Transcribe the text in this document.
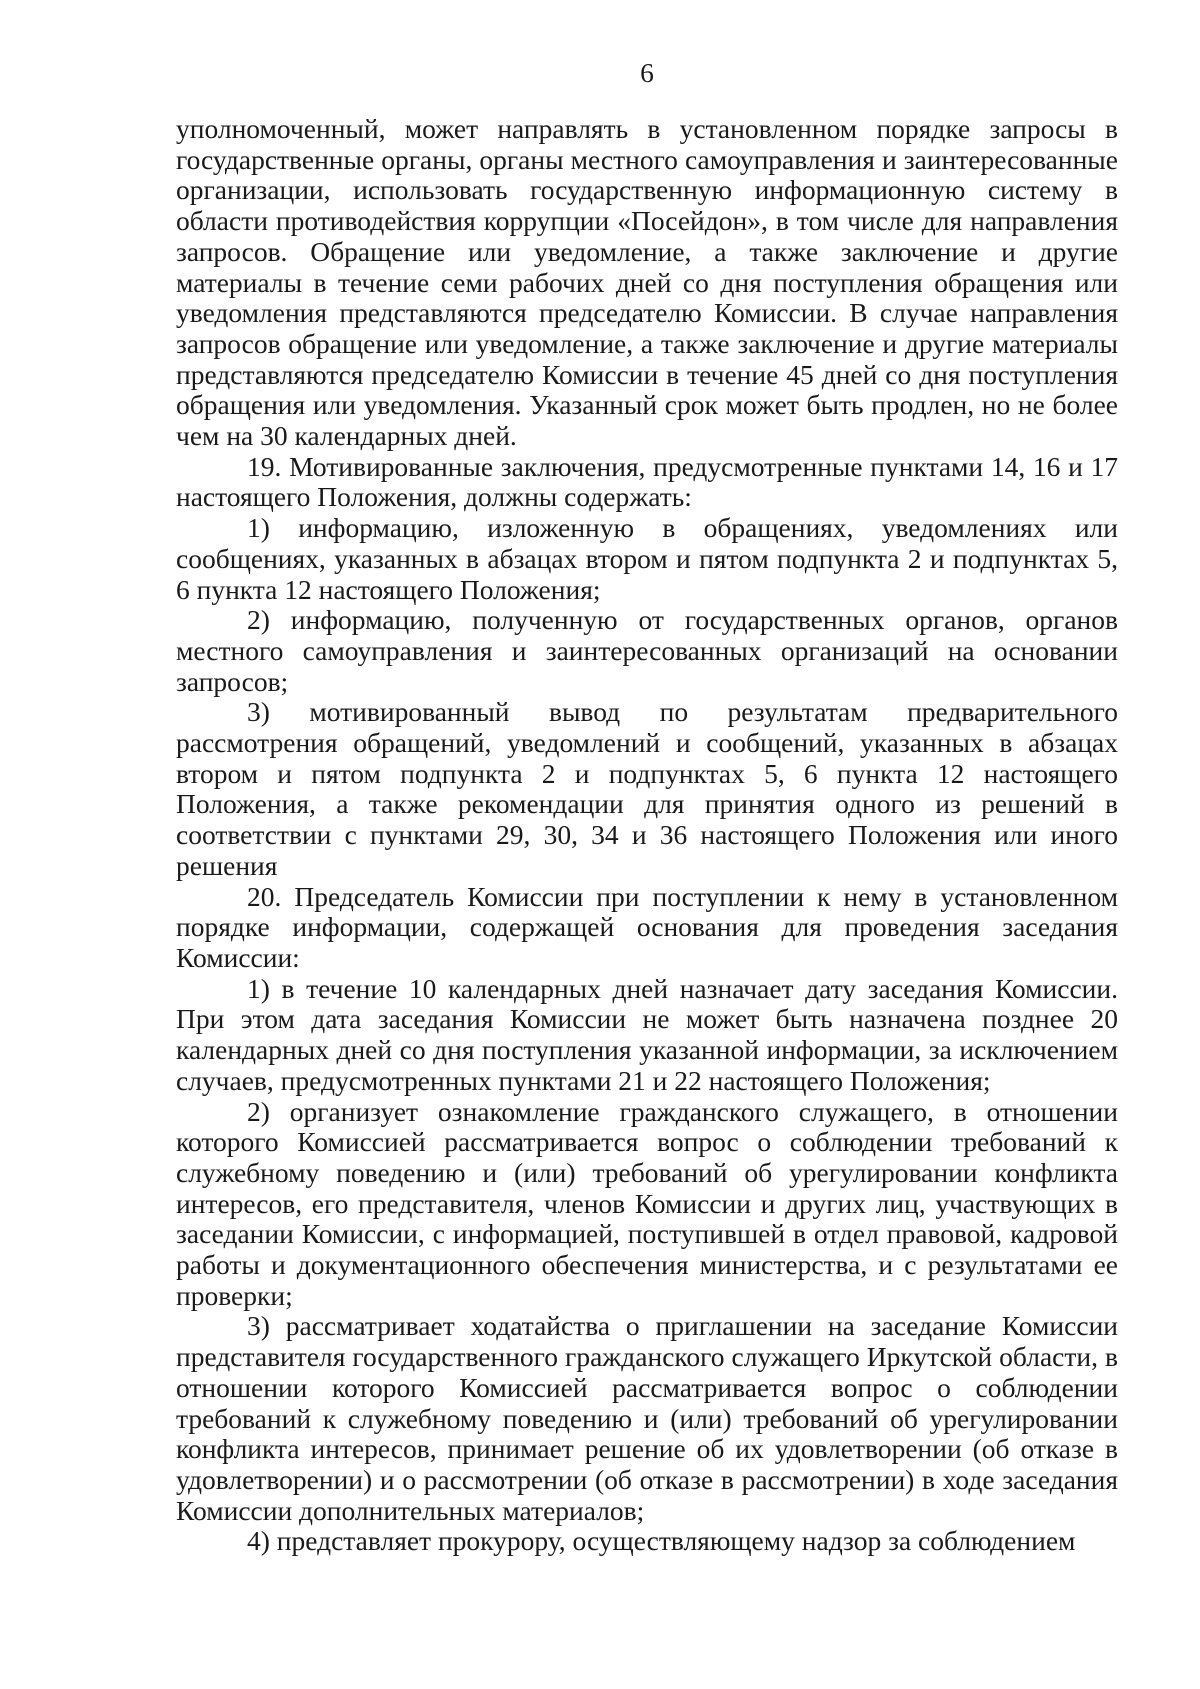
6

уполномоченный, может направлять в установленном порядке запросы в государственные органы, органы местного самоуправления и заинтересованные организации, использовать государственную информационную систему в области противодействия коррупции «Посейдон», в том числе для направления запросов. Обращение или уведомление, а также заключение и другие материалы в течение семи рабочих дней со дня поступления обращения или уведомления представляются председателю Комиссии. В случае направления запросов обращение или уведомление, а также заключение и другие материалы представляются председателю Комиссии в течение 45 дней со дня поступления обращения или уведомления. Указанный срок может быть продлен, но не более чем на 30 календарных дней.

19. Мотивированные заключения, предусмотренные пунктами 14, 16 и 17 настоящего Положения, должны содержать:

1) информацию, изложенную в обращениях, уведомлениях или сообщениях, указанных в абзацах втором и пятом подпункта 2 и подпунктах 5, 6 пункта 12 настоящего Положения;

2) информацию, полученную от государственных органов, органов местного самоуправления и заинтересованных организаций на основании запросов;

3) мотивированный вывод по результатам предварительного рассмотрения обращений, уведомлений и сообщений, указанных в абзацах втором и пятом подпункта 2 и подпунктах 5, 6 пункта 12 настоящего Положения, а также рекомендации для принятия одного из решений в соответствии с пунктами 29, 30, 34 и 36 настоящего Положения или иного решения

20. Председатель Комиссии при поступлении к нему в установленном порядке информации, содержащей основания для проведения заседания Комиссии:

1) в течение 10 календарных дней назначает дату заседания Комиссии. При этом дата заседания Комиссии не может быть назначена позднее 20 календарных дней со дня поступления указанной информации, за исключением случаев, предусмотренных пунктами 21 и 22 настоящего Положения;

2) организует ознакомление гражданского служащего, в отношении которого Комиссией рассматривается вопрос о соблюдении требований к служебному поведению и (или) требований об урегулировании конфликта интересов, его представителя, членов Комиссии и других лиц, участвующих в заседании Комиссии, с информацией, поступившей в отдел правовой, кадровой работы и документационного обеспечения министерства, и с результатами ее проверки;

3) рассматривает ходатайства о приглашении на заседание Комиссии представителя государственного гражданского служащего Иркутской области, в отношении которого Комиссией рассматривается вопрос о соблюдении требований к служебному поведению и (или) требований об урегулировании конфликта интересов, принимает решение об их удовлетворении (об отказе в удовлетворении) и о рассмотрении (об отказе в рассмотрении) в ходе заседания Комиссии дополнительных материалов;

4) представляет прокурору, осуществляющему надзор за соблюдением
